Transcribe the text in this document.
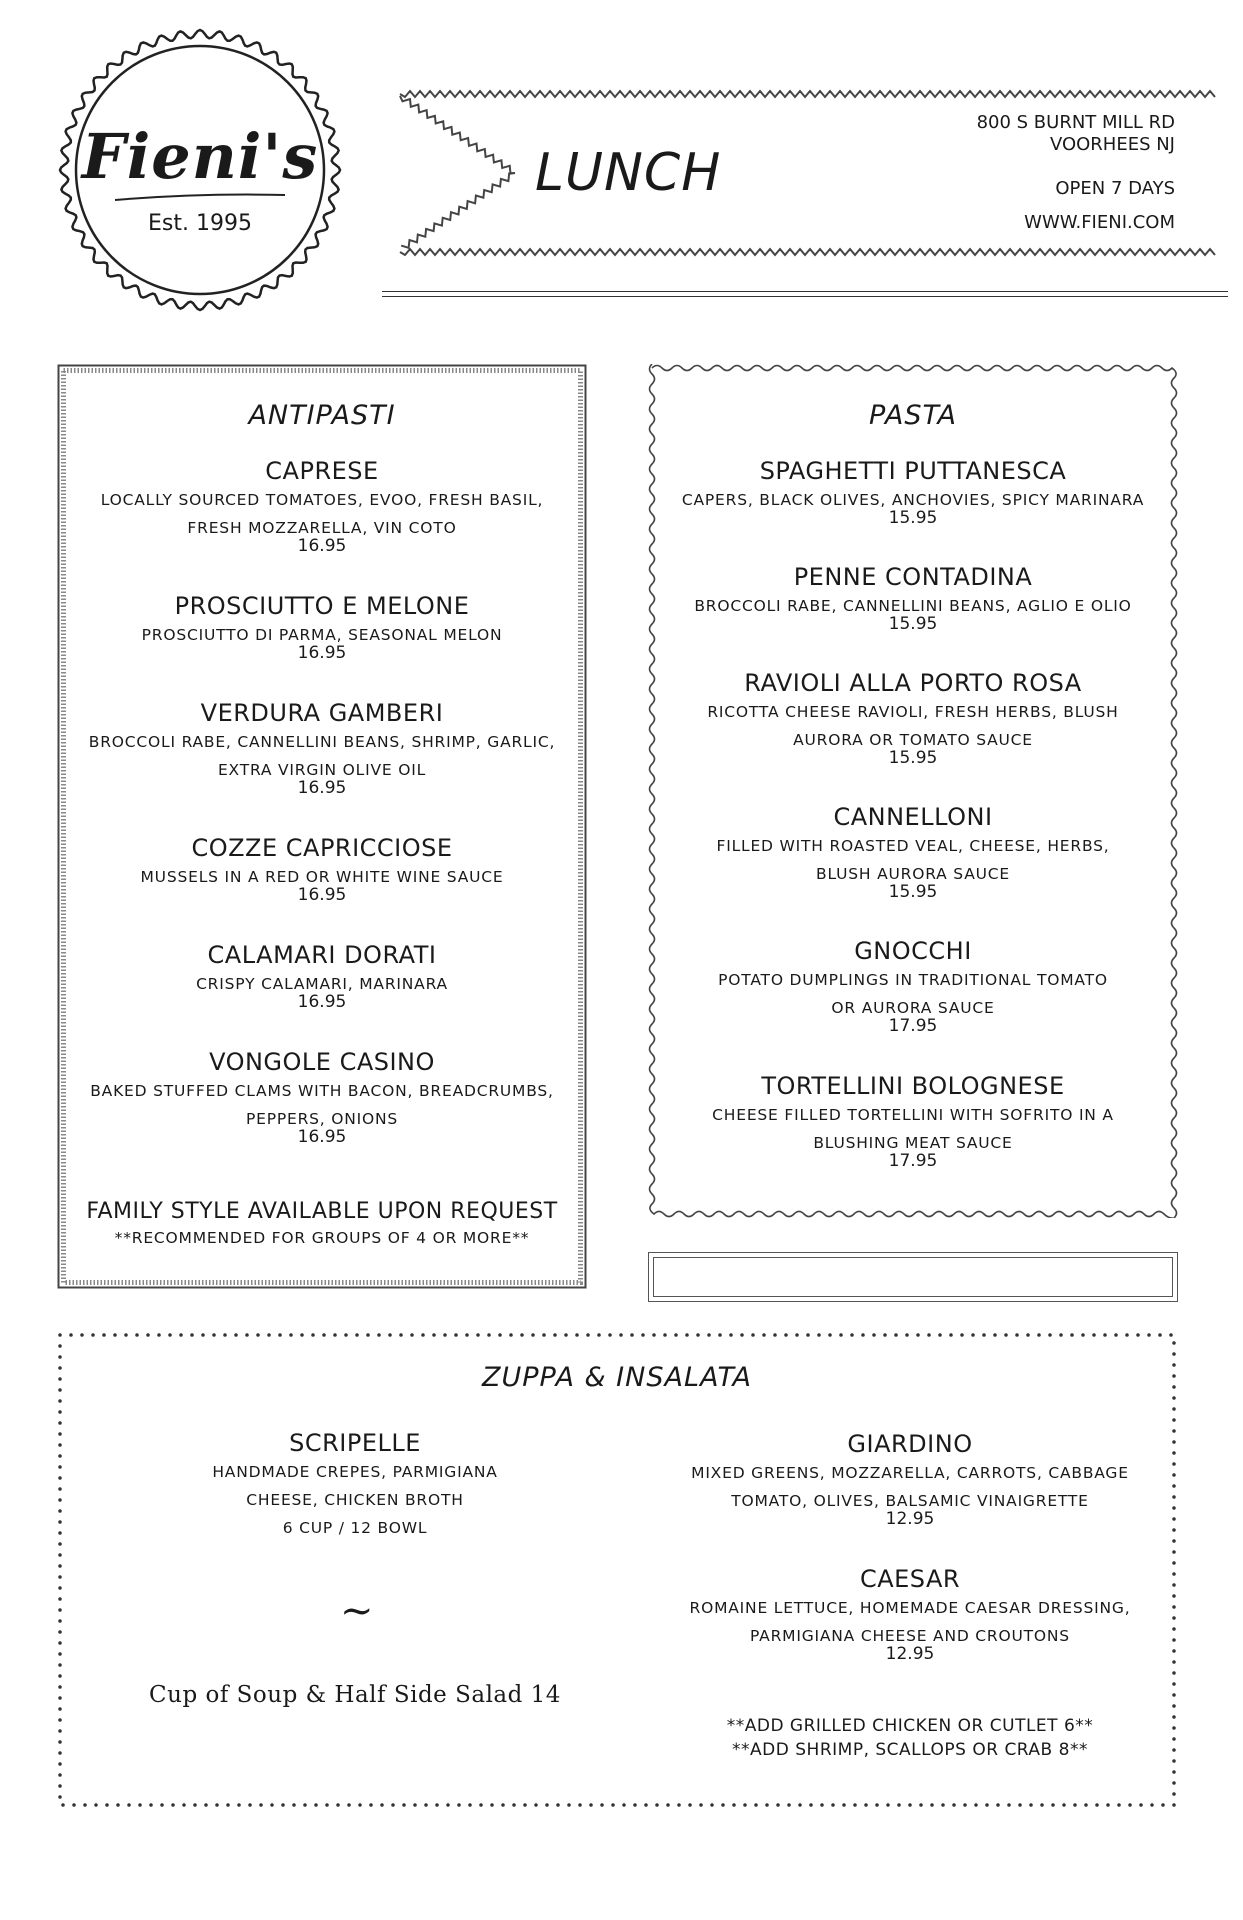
Fieni's
Est. 1995
LUNCH
800 S BURNT MILL RD
VOORHEES NJ
OPEN 7 DAYS
WWW.FIENI.COM
ANTIPASTI
CAPRESE
LOCALLY SOURCED TOMATOES, EVOO, FRESH BASIL,
FRESH MOZZARELLA, VIN COTO
16.95
PROSCIUTTO E MELONE
PROSCIUTTO DI PARMA, SEASONAL MELON
16.95
VERDURA GAMBERI
BROCCOLI RABE, CANNELLINI BEANS, SHRIMP, GARLIC,
EXTRA VIRGIN OLIVE OIL
16.95
COZZE CAPRICCIOSE
MUSSELS IN A RED OR WHITE WINE SAUCE
16.95
CALAMARI DORATI
CRISPY CALAMARI, MARINARA
16.95
VONGOLE CASINO
BAKED STUFFED CLAMS WITH BACON, BREADCRUMBS,
PEPPERS, ONIONS
16.95
FAMILY STYLE AVAILABLE UPON REQUEST
**RECOMMENDED FOR GROUPS OF 4 OR MORE**
PASTA
SPAGHETTI PUTTANESCA
CAPERS, BLACK OLIVES, ANCHOVIES, SPICY MARINARA
15.95
PENNE CONTADINA
BROCCOLI RABE, CANNELLINI BEANS, AGLIO E OLIO
15.95
RAVIOLI ALLA PORTO ROSA
RICOTTA CHEESE RAVIOLI, FRESH HERBS, BLUSH
AURORA OR TOMATO SAUCE
15.95
CANNELLONI
FILLED WITH ROASTED VEAL, CHEESE, HERBS,
BLUSH AURORA SAUCE
15.95
GNOCCHI
POTATO DUMPLINGS IN TRADITIONAL TOMATO
OR AURORA SAUCE
17.95
TORTELLINI BOLOGNESE
CHEESE FILLED TORTELLINI WITH SOFRITO IN A
BLUSHING MEAT SAUCE
17.95
ZUPPA & INSALATA
SCRIPELLE
HANDMADE CREPES, PARMIGIANA
CHEESE, CHICKEN BROTH
6 CUP / 12 BOWL
~
Cup of Soup & Half Side Salad 14
GIARDINO
MIXED GREENS, MOZZARELLA, CARROTS, CABBAGE
TOMATO, OLIVES, BALSAMIC VINAIGRETTE
12.95
CAESAR
ROMAINE LETTUCE, HOMEMADE CAESAR DRESSING,
PARMIGIANA CHEESE AND CROUTONS
12.95
**ADD GRILLED CHICKEN OR CUTLET 6**
**ADD SHRIMP, SCALLOPS OR CRAB 8**
